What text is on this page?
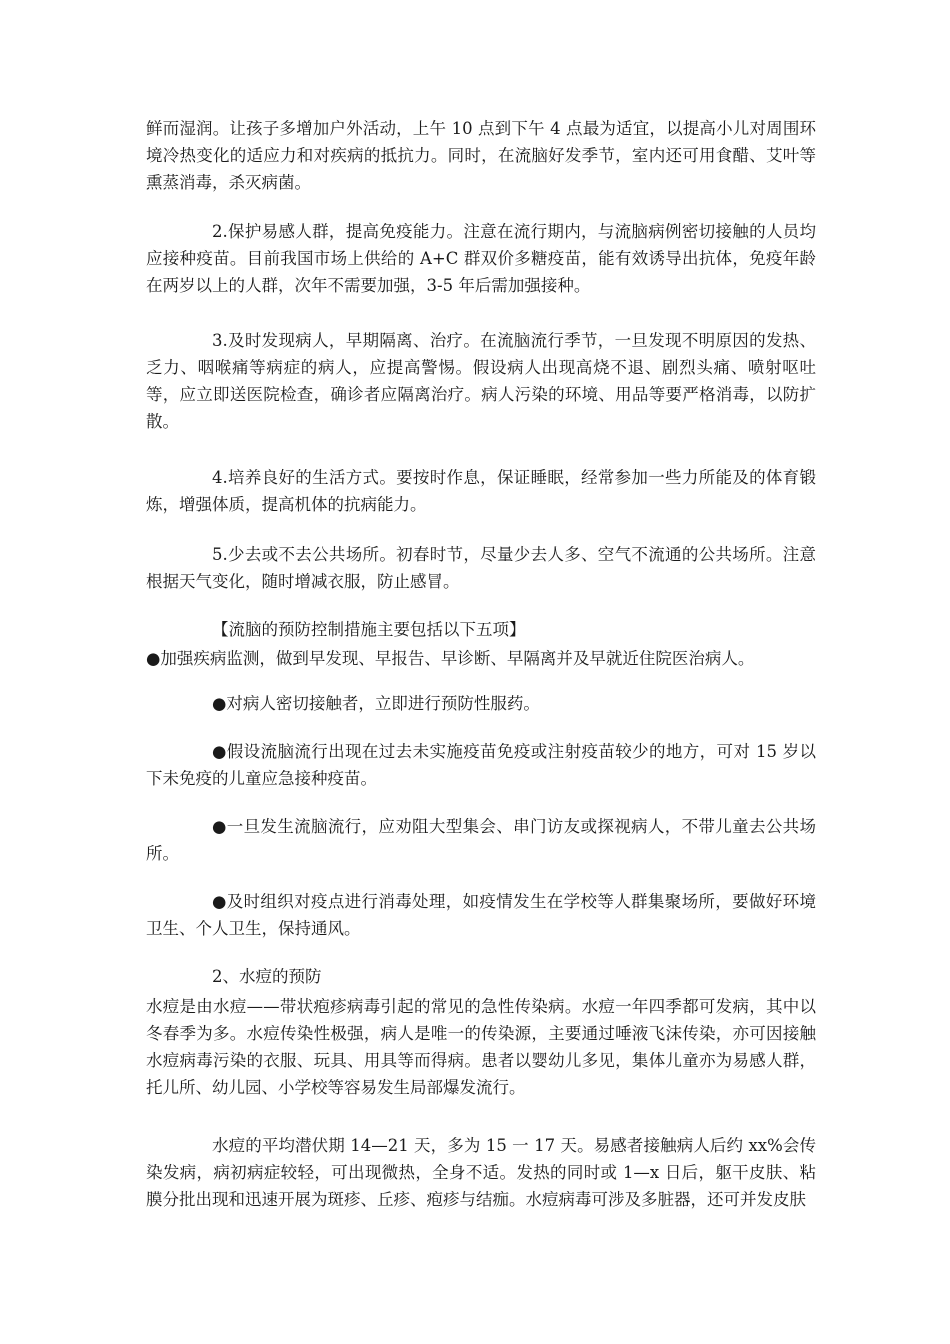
鲜而湿润。让孩子多增加户外活动，上午 10 点到下午 4 点最为适宜，以提高小儿对周围环境冷热变化的适应力和对疾病的抵抗力。同时，在流脑好发季节，室内还可用食醋、艾叶等熏蒸消毒，杀灭病菌。

2.保护易感人群，提高免疫能力。注意在流行期内，与流脑病例密切接触的人员均应接种疫苗。目前我国市场上供给的 A+C 群双价多糖疫苗，能有效诱导出抗体，免疫年龄在两岁以上的人群，次年不需要加强，3-5 年后需加强接种。

3.及时发现病人，早期隔离、治疗。在流脑流行季节，一旦发现不明原因的发热、乏力、咽喉痛等病症的病人，应提高警惕。假设病人出现高烧不退、剧烈头痛、喷射呕吐等，应立即送医院检查，确诊者应隔离治疗。病人污染的环境、用品等要严格消毒，以防扩散。

4.培养良好的生活方式。要按时作息，保证睡眠，经常参加一些力所能及的体育锻炼，增强体质，提高机体的抗病能力。

5.少去或不去公共场所。初春时节，尽量少去人多、空气不流通的公共场所。注意根据天气变化，随时增减衣服，防止感冒。

【流脑的预防控制措施主要包括以下五项】

●加强疾病监测，做到早发现、早报告、早诊断、早隔离并及早就近住院医治病人。

●对病人密切接触者，立即进行预防性服药。

●假设流脑流行出现在过去未实施疫苗免疫或注射疫苗较少的地方，可对 15 岁以下未免疫的儿童应急接种疫苗。

●一旦发生流脑流行，应劝阻大型集会、串门访友或探视病人，不带儿童去公共场所。

●及时组织对疫点进行消毒处理，如疫情发生在学校等人群集聚场所，要做好环境卫生、个人卫生，保持通风。

2、水痘的预防

水痘是由水痘——带状疱疹病毒引起的常见的急性传染病。水痘一年四季都可发病，其中以冬春季为多。水痘传染性极强，病人是唯一的传染源，主要通过唾液飞沫传染，亦可因接触水痘病毒污染的衣服、玩具、用具等而得病。患者以婴幼儿多见，集体儿童亦为易感人群，托儿所、幼儿园、小学校等容易发生局部爆发流行。

水痘的平均潜伏期 14—21 天，多为 15 一 17 天。易感者接触病人后约 xx%会传染发病，病初病症较轻，可出现微热，全身不适。发热的同时或 1—x 日后，躯干皮肤、粘膜分批出现和迅速开展为斑疹、丘疹、疱疹与结痂。水痘病毒可涉及多脏器，还可并发皮肤
